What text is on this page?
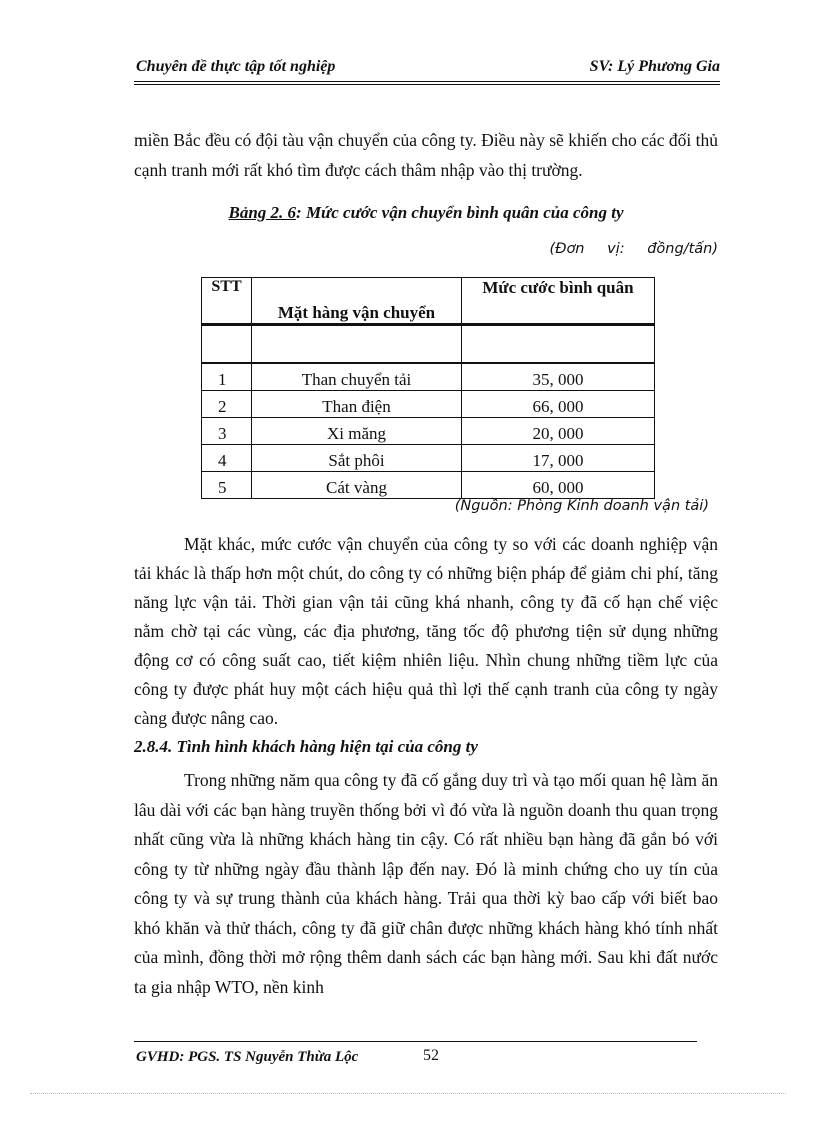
Chuyên đề thực tập tốt nghiệp	SV: Lý Phương Gia

miền Bắc đều có đội tàu vận chuyển của công ty. Điều này sẽ khiến cho các đối thủ cạnh tranh mới rất khó tìm được cách thâm nhập vào thị trường.

Bảng 2. 6: Mức cước vận chuyển bình quân của công ty
(Đơn vị: đồng/tấn)
STT	Mặt hàng vận chuyển	Mức cước bình quân

1	Than chuyển tải	35, 000
2	Than điện	66, 000
3	Xi măng	20, 000
4	Sắt phôi	17, 000
5	Cát vàng	60, 000
(Nguồn: Phòng Kinh doanh vận tải)

Mặt khác, mức cước vận chuyển của công ty so với các doanh nghiệp vận tải khác là thấp hơn một chút, do công ty có những biện pháp để giảm chi phí, tăng năng lực vận tải. Thời gian vận tải cũng khá nhanh, công ty đã cố hạn chế việc nằm chờ tại các vùng, các địa phương, tăng tốc độ phương tiện sử dụng những động cơ có công suất cao, tiết kiệm nhiên liệu. Nhìn chung những tiềm lực của công ty được phát huy một cách hiệu quả thì lợi thế cạnh tranh của công ty ngày càng được nâng cao.

2.8.4. Tình hình khách hàng hiện tại của công ty

Trong những năm qua công ty đã cố gắng duy trì và tạo mối quan hệ làm ăn lâu dài với các bạn hàng truyền thống bởi vì đó vừa là nguồn doanh thu quan trọng nhất cũng vừa là những khách hàng tin cậy. Có rất nhiều bạn hàng đã gắn bó với công ty từ những ngày đầu thành lập đến nay. Đó là minh chứng cho uy tín của công ty và sự trung thành của khách hàng. Trải qua thời kỳ bao cấp với biết bao khó khăn và thử thách, công ty đã giữ chân được những khách hàng khó tính nhất của mình, đồng thời mở rộng thêm danh sách các bạn hàng mới. Sau khi đất nước ta gia nhập WTO, nền kinh

GVHD: PGS. TS Nguyễn Thừa Lộc	52
